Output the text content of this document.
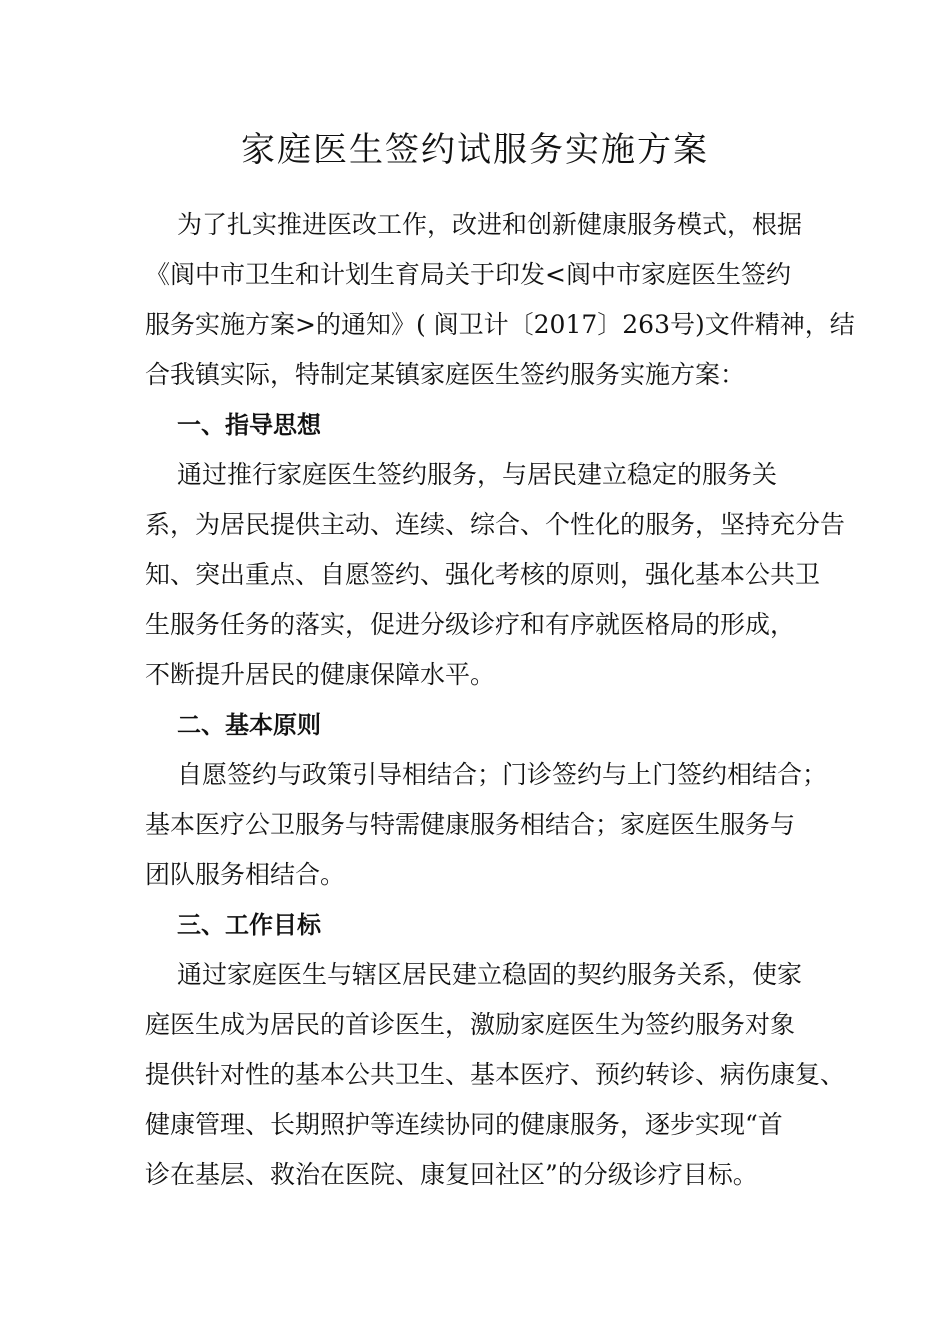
家庭医生签约试服务实施方案
为了扎实推进医改工作，改进和创新健康服务模式，根据
《阆中市卫生和计划生育局关于印发<阆中市家庭医生签约
服务实施方案>的通知》( 阆卫计〔2017〕263号)文件精神，结
合我镇实际，特制定某镇家庭医生签约服务实施方案：
一、指导思想
通过推行家庭医生签约服务，与居民建立稳定的服务关
系，为居民提供主动、连续、综合、个性化的服务，坚持充分告
知、突出重点、自愿签约、强化考核的原则，强化基本公共卫
生服务任务的落实，促进分级诊疗和有序就医格局的形成，
不断提升居民的健康保障水平。
二、基本原则
自愿签约与政策引导相结合；门诊签约与上门签约相结合；
基本医疗公卫服务与特需健康服务相结合；家庭医生服务与
团队服务相结合。
三、工作目标
通过家庭医生与辖区居民建立稳固的契约服务关系，使家
庭医生成为居民的首诊医生，激励家庭医生为签约服务对象
提供针对性的基本公共卫生、基本医疗、预约转诊、病伤康复、
健康管理、长期照护等连续协同的健康服务，逐步实现“首
诊在基层、救治在医院、康复回社区”的分级诊疗目标。
